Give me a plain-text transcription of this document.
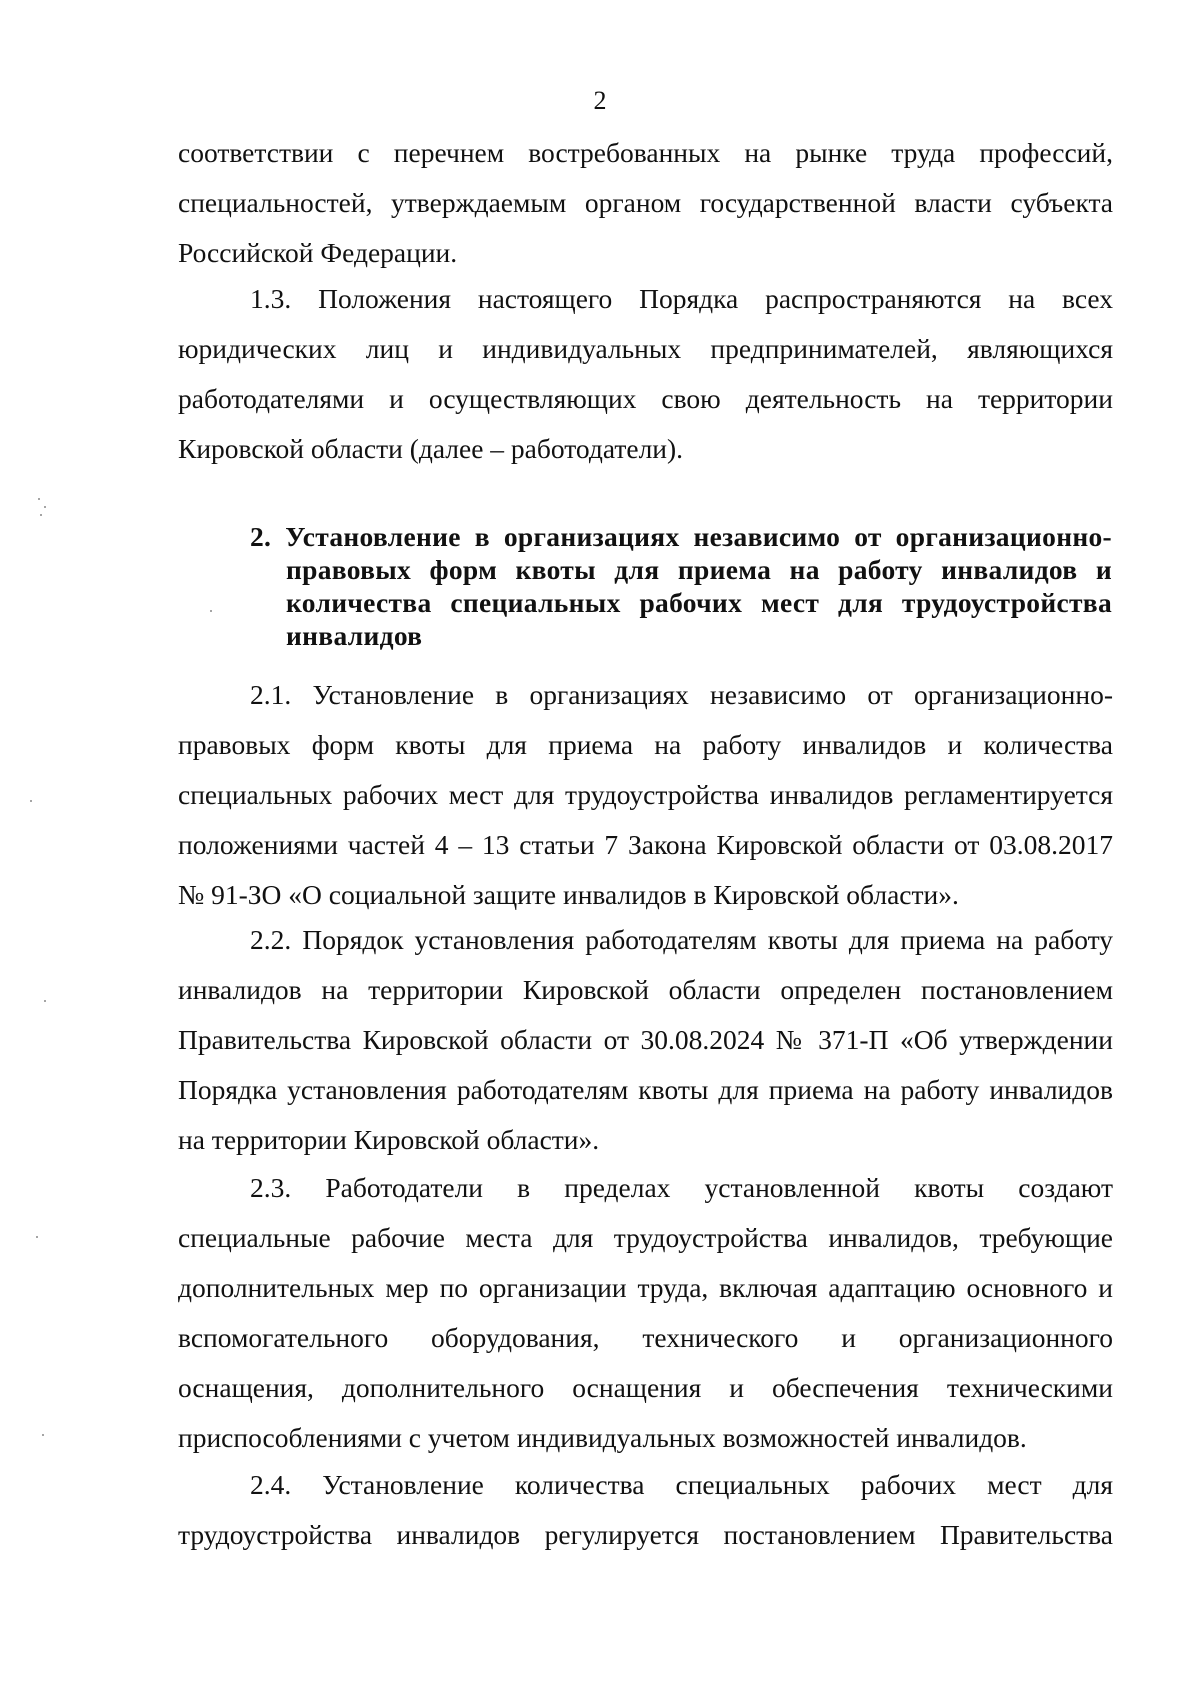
2

соответствии с перечнем востребованных на рынке труда профессий,
специальностей, утверждаемым органом государственной власти субъекта
Российской Федерации.

1.3. Положения настоящего Порядка распространяются на всех
юридических лиц и индивидуальных предпринимателей, являющихся
работодателями и осуществляющих свою деятельность на территории
Кировской области (далее – работодатели).

2. Установление в организациях независимо от организационно-
правовых форм квоты для приема на работу инвалидов и
количества специальных рабочих мест для трудоустройства
инвалидов

2.1. Установление в организациях независимо от организационно-
правовых форм квоты для приема на работу инвалидов и количества
специальных рабочих мест для трудоустройства инвалидов регламентируется
положениями частей 4 – 13 статьи 7 Закона Кировской области от 03.08.2017
№ 91-ЗО «О социальной защите инвалидов в Кировской области».

2.2. Порядок установления работодателям квоты для приема на работу
инвалидов на территории Кировской области определен постановлением
Правительства Кировской области от 30.08.2024 № 371-П «Об утверждении
Порядка установления работодателям квоты для приема на работу инвалидов
на территории Кировской области».

2.3. Работодатели в пределах установленной квоты создают
специальные рабочие места для трудоустройства инвалидов, требующие
дополнительных мер по организации труда, включая адаптацию основного и
вспомогательного оборудования, технического и организационного
оснащения, дополнительного оснащения и обеспечения техническими
приспособлениями с учетом индивидуальных возможностей инвалидов.

2.4. Установление количества специальных рабочих мест для
трудоустройства инвалидов регулируется постановлением Правительства
